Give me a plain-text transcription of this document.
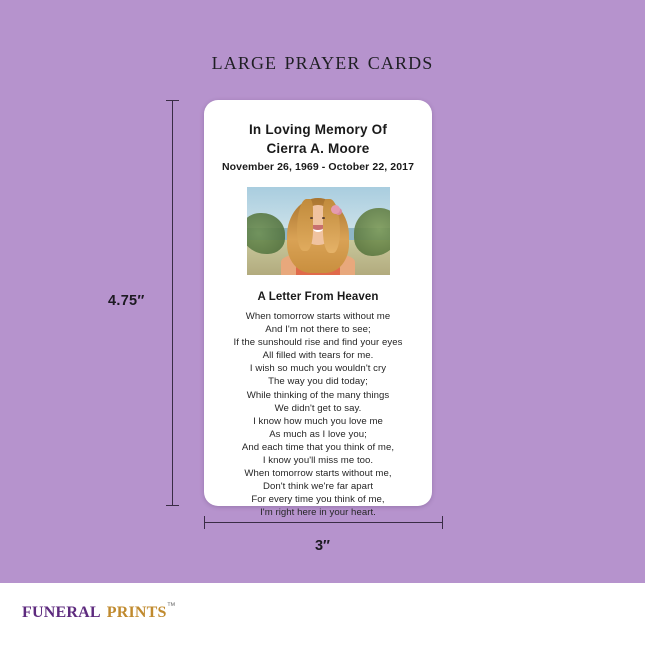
large prayer cards
4.75″
In Loving Memory Of
Cierra A. Moore
November 26, 1969 - October 22, 2017
A Letter From Heaven
When tomorrow starts without me
And I'm not there to see;
If the sunshould rise and find your eyes
All filled with tears for me.
I wish so much you wouldn't cry
The way you did today;
While thinking of the many things
We didn't get to say.
I know how much you love me
As much as I love you;
And each time that you think of me,
I know you'll miss me too.
When tomorrow starts without me,
Don't think we're far apart
For every time you think of me,
I'm right here in your heart.
3″
funeral prints™
